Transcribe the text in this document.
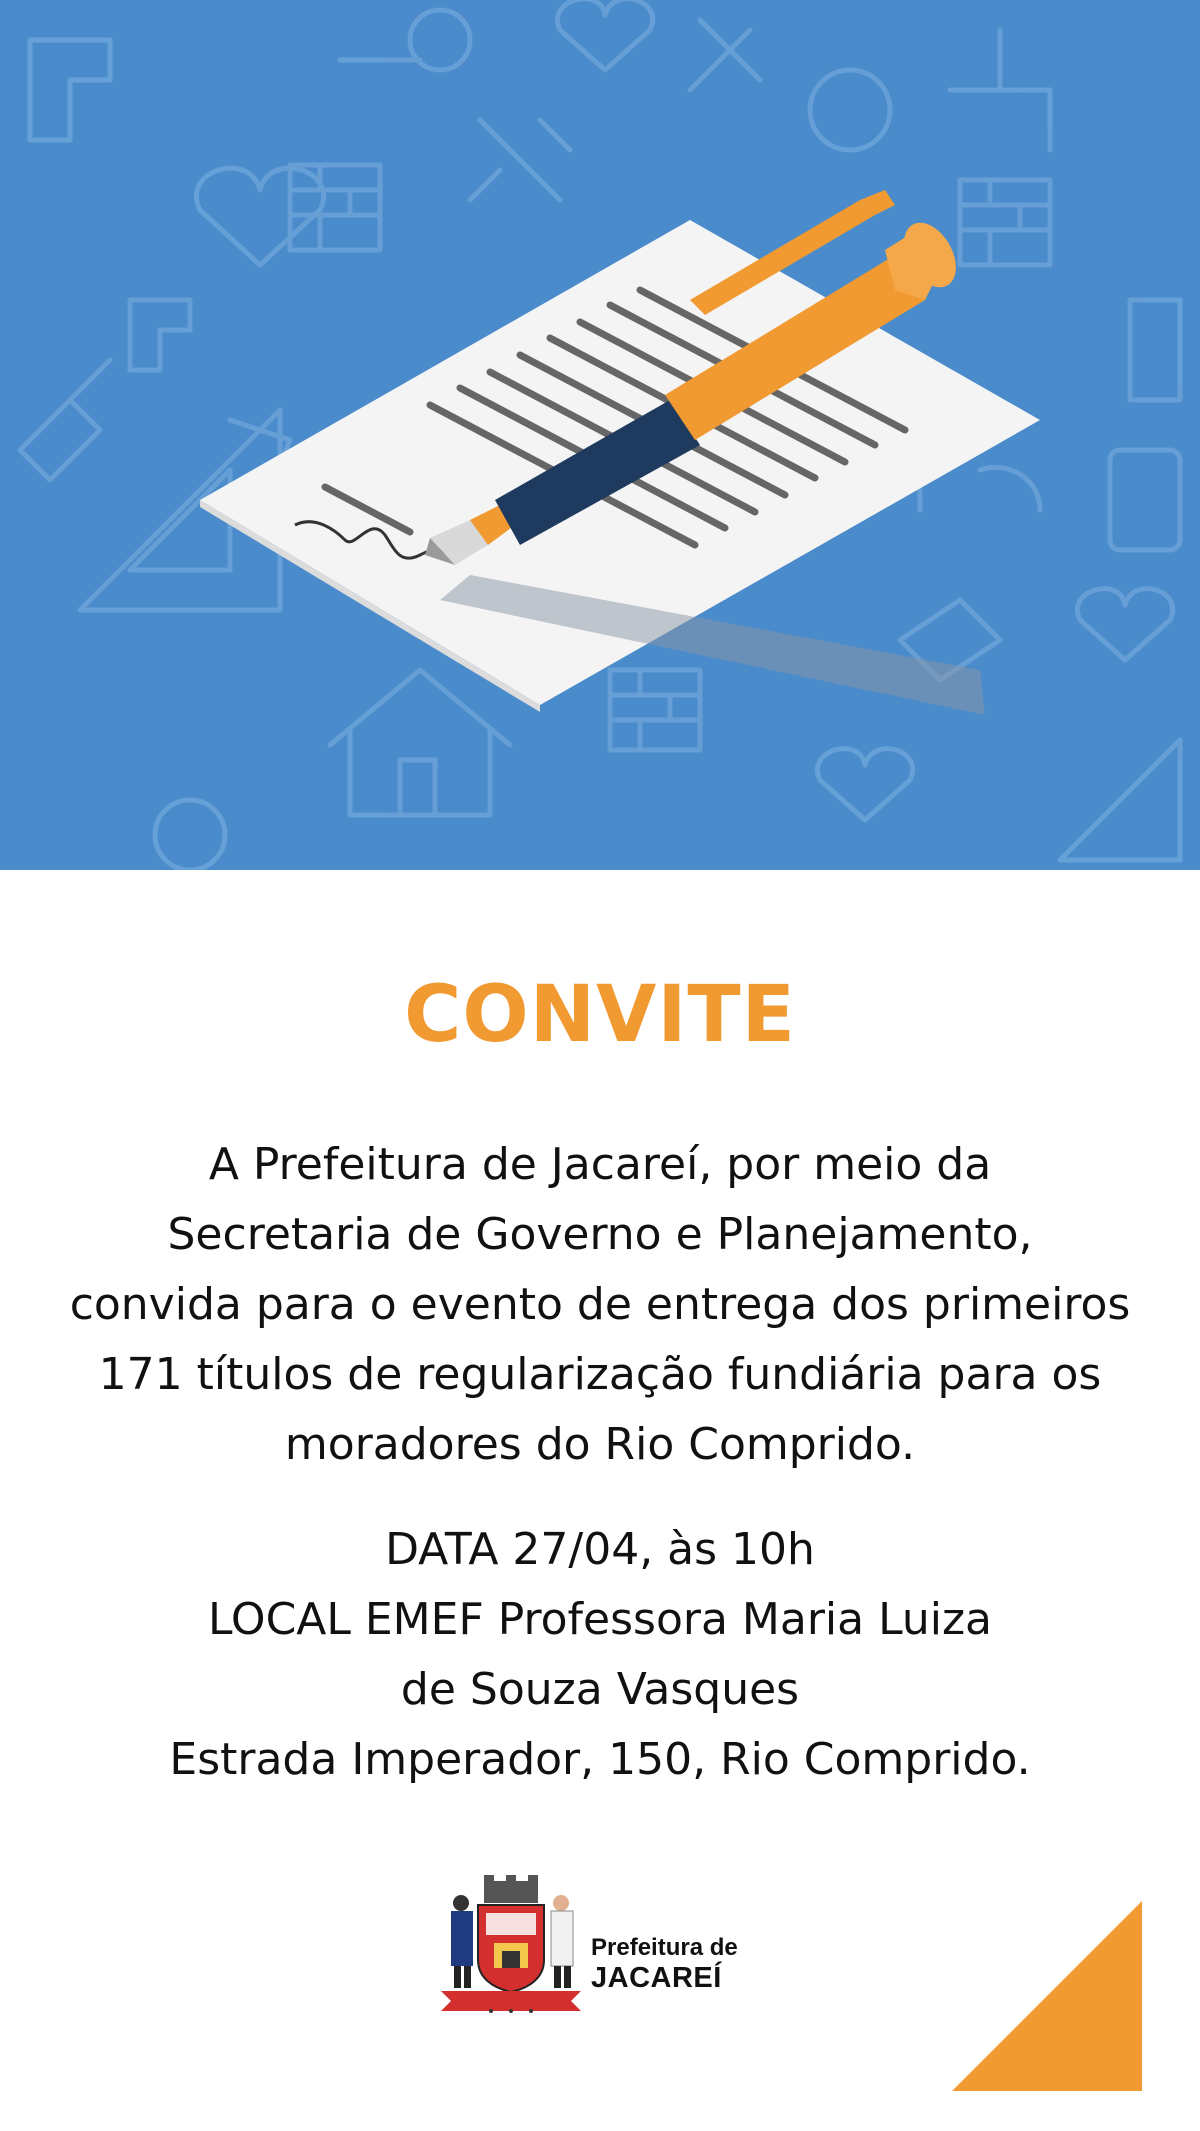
CONVITE
A Prefeitura de Jacareí, por meio da
Secretaria de Governo e Planejamento,
convida para o evento de entrega dos primeiros
171 títulos de regularização fundiária para os
moradores do Rio Comprido.
DATA 27/04, às 10h
LOCAL EMEF Professora Maria Luiza
de Souza Vasques
Estrada Imperador, 150, Rio Comprido.
Prefeitura de
JACAREÍ
